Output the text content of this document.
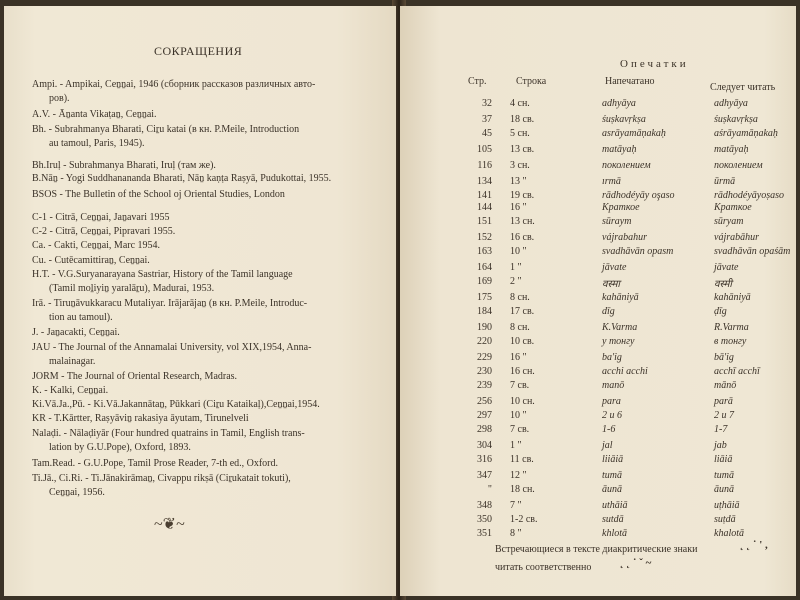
СОКРАЩЕНИЯ

Ampi. - Ampikai, Ceṉṉai, 1946 (сборник рассказов различных авто-

ров).

A.V. - Āṉanta Vikaṭaṉ, Ceṉṉai.

Bh. - Subrahmanya Bharati, Ciṟu katai (в кн. P.Meile, Introduction

au tamoul, Paris, 1945).

Bh.Iruḷ - Subrahmanya Bharati, Iruḷ (там же).

B.Nāṉ - Yogi Suddhanananda Bharati, Nāṉ kaṇṭa Raṣyā, Pudukottai, 1955.

BSOS - The Bulletin of the School oj Oriental Studies, London

C-1 - Citrā, Ceṉṉai, Jaṉavari 1955

C-2 - Citrā, Ceṉṉai, Pipravari 1955.

Ca. - Cakti, Ceṉṉai, Marc 1954.

Cu. - Cutēcamittiraṉ, Ceṉṉai.

H.T. - V.G.Suryanarayana Sastriar, History of the Tamil language

(Tamil moḻiyiṉ yaralāṟu), Madurai, 1953.

Irā. - Tiruṉāvukkaracu Mutaliyar. Irājarājaṉ (в кн. P.Meile, Introduc-

tion au tamoul).

J. - Jaṉacakti, Ceṉṉai.

JAU - The Journal of the Annamalai University, vol XIX,1954, Anna-

malainagar.

JORM - The Journal of Oriental Research, Madras.

K. - Kalki, Ceṉṉai.

Ki.Vā.Ja.,Pū. - Ki.Vā.Jakannātaṉ, Pūkkari (Ciṟu Kataikaḷ),Ceṉṉai,1954.

KR - T.Kārtter, Raṣyāviṉ rakasiya āyutam, Tirunelveli

Nalaḍi. - Nālaḍiyār (Four hundred quatrains in Tamil, English trans-

lation by G.U.Pope), Oxford, 1893.

Tam.Read. - G.U.Pope, Tamil Prose Reader, 7-th ed., Oxford.

Ti.Jā., Ci.Ri. - Ti.Jānakirāmaṉ, Civappu rikṣā (Ciṟukatait tokuti),

Ceṉṉai, 1956.

~❦~
Опечатки
Стр.	Строка	Напечатано
Следует читать
32 4 сн.	adhyāya	adhyāya
37 18 св.	śuṣkavṛkṣa	śuṣkavṛkṣa
45 5 сн.	asrāyamāṇakaḥ	aśrāyamāṇakaḥ
105 13 св.	matāyaḥ	matāyaḥ
116 3 сн.	поколением	поколением
134 13 "	ırmā	ūrmā
141 19 св.	rādhodéyāy oşaso	rādhodéyāyoṣaso
144 16 "	Кpaткое	Kpaткое
151 13 сн.	sūraym	sūryam
152 16 св.	vájrabahur	vájrabāhur
163 10 "	svadhāvān opasm	svadhāvān opaśām
164 1 "	jāvate	jāvate
169 2 "	वस्मा	वस्मी
175 8 сн.	kahāniyā	kahāniyā
184 17 св.	dīg	ḍīg
190 8 сн.	K.Varma	R.Varma
220 10 св.	у тонгу	в тонгу
229 16 "	ba'ig	bā'ig
230 16 сн.	acchi acchi	acchī acchī
239 7 св.	manō	mānō
256 10 сн.	para	parā
297 10 "	2 и 6	2 и 7
298 7 св.	1-6	1-7
304 1 "	jal	jab
316 11 св.	liiāiā	liāiā
347 12 "	tumā	tumā
" 18 сн.	āunā	āunā
348 7 "	uthāiā	uṭhāiā
350 1-2 св.	sutdā	suṭdā
351 8 "	khlotā	khalotā
Встречающиеся в тексте диакритические знаки	˛ ˛ ˙ ' ,
читать соответственно	˛ ˛ ˙ ˇ ~
